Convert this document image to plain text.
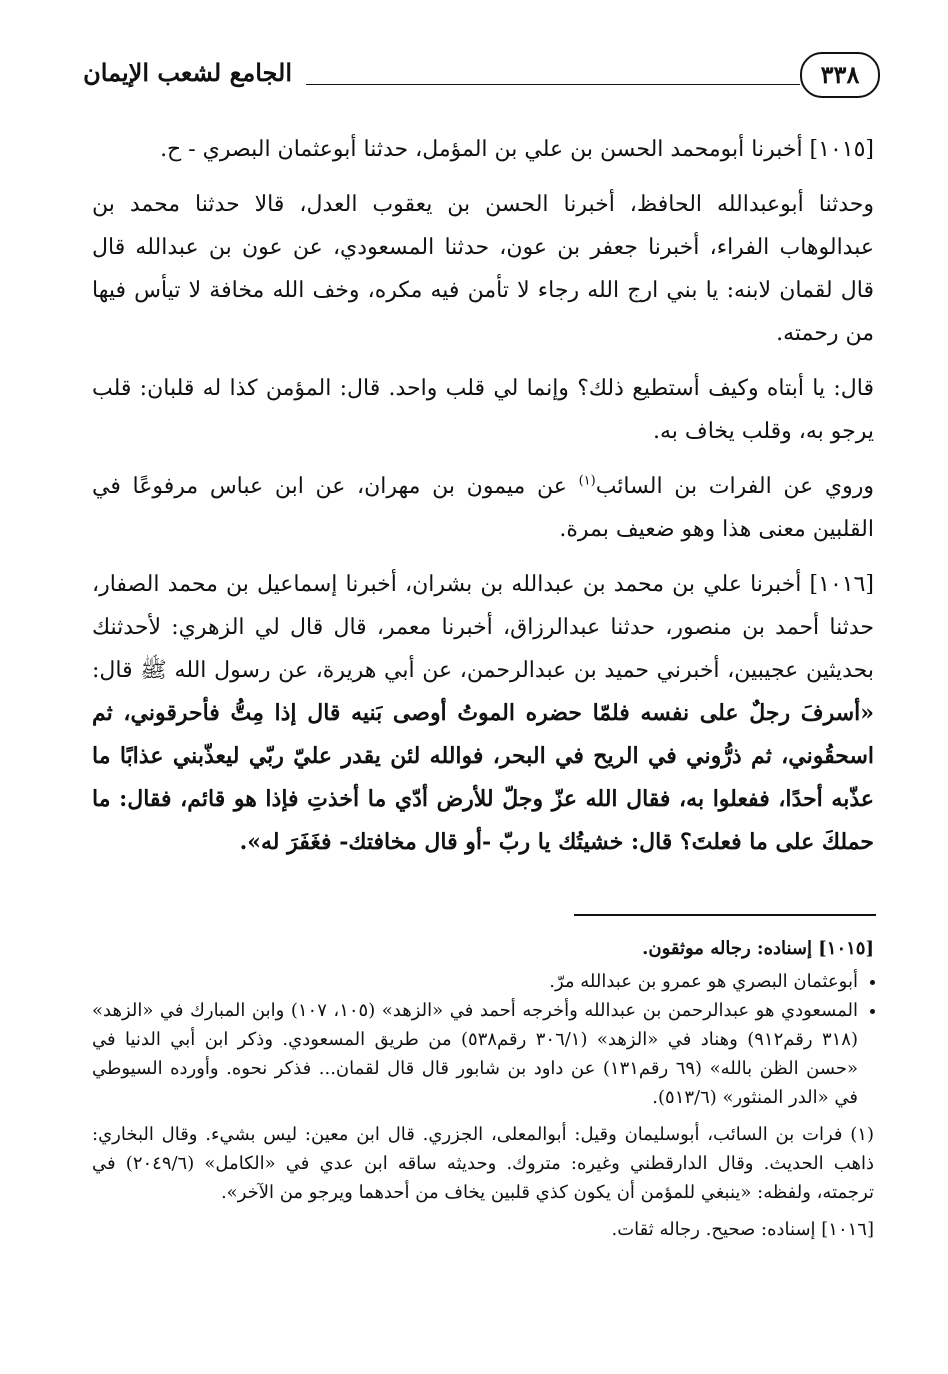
الجامع لشعب الإيمان	٣٣٨

[١٠١٥] أخبرنا أبومحمد الحسن بن علي بن المؤمل، حدثنا أبوعثمان البصري - ح.

وحدثنا أبوعبدالله الحافظ، أخبرنا الحسن بن يعقوب العدل، قالا حدثنا محمد بن عبدالوهاب الفراء، أخبرنا جعفر بن عون، حدثنا المسعودي، عن عون بن عبدالله قال قال لقمان لابنه: يا بني ارج الله رجاء لا تأمن فيه مكره، وخف الله مخافة لا تيأس فيها من رحمته.

قال: يا أبتاه وكيف أستطيع ذلك؟ وإنما لي قلب واحد. قال: المؤمن كذا له قلبان: قلب يرجو به، وقلب يخاف به.

وروي عن الفرات بن السائب$^{(١)}$ عن ميمون بن مهران، عن ابن عباس مرفوعًا في القلبين معنى هذا وهو ضعيف بمرة.

[١٠١٦] أخبرنا علي بن محمد بن عبدالله بن بشران، أخبرنا إسماعيل بن محمد الصفار، حدثنا أحمد بن منصور، حدثنا عبدالرزاق، أخبرنا معمر، قال قال لي الزهري: لأحدثنك بحديثين عجيبين، أخبرني حميد بن عبدالرحمن، عن أبي هريرة، عن رسول الله ﷺ قال: «أسرفَ رجلٌ على نفسه فلمّا حضره الموتُ أوصى بَنيه قال إذا مِتُّ فأحرقوني، ثم اسحقُوني، ثم ذرُّوني في الريح في البحر، فوالله لئن يقدر عليّ ربّي ليعذّبني عذابًا ما عذّبه أحدًا، ففعلوا به، فقال الله عزّ وجلّ للأرض أدّي ما أخذتِ فإذا هو قائم، فقال: ما حملكَ على ما فعلتَ؟ قال: خشيتُك يا ربّ -أو قال مخافتك- فغَفَرَ له».

[١٠١٥] إسناده: رجاله موثقون.

• أبوعثمان البصري هو عمرو بن عبدالله مرّ.
• المسعودي هو عبدالرحمن بن عبدالله وأخرجه أحمد في «الزهد» (١٠٥، ١٠٧) وابن المبارك في «الزهد» (٣١٨ رقم٩١٢) وهناد في «الزهد» (٣٠٦/١ رقم٥٣٨) من طريق المسعودي. وذكر ابن أبي الدنيا في «حسن الظن بالله» (٦٩ رقم١٣١) عن داود بن شابور قال قال لقمان... فذكر نحوه. وأورده السيوطي في «الدر المنثور» (٥١٣/٦).

(١) فرات بن السائب، أبوسليمان وقيل: أبوالمعلى، الجزري. قال ابن معين: ليس بشيء. وقال البخاري: ذاهب الحديث. وقال الدارقطني وغيره: متروك. وحديثه ساقه ابن عدي في «الكامل» (٢٠٤٩/٦) في ترجمته، ولفظه: «ينبغي للمؤمن أن يكون كذي قلبين يخاف من أحدهما ويرجو من الآخر».

[١٠١٦] إسناده: صحيح. رجاله ثقات.
